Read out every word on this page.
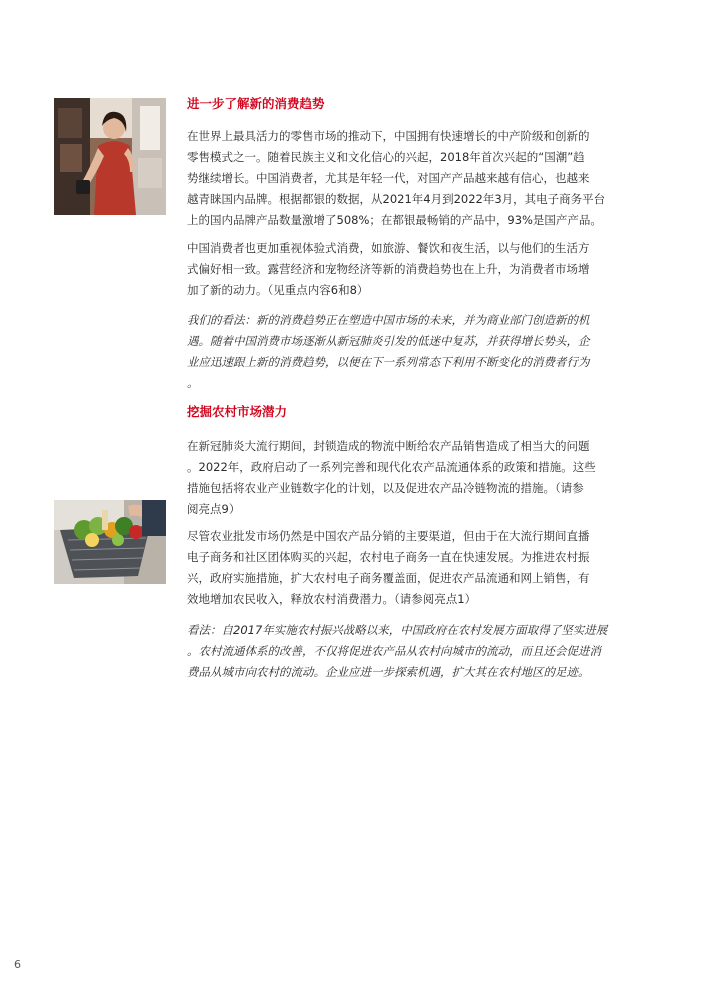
进一步了解新的消费趋势

在世界上最具活力的零售市场的推动下，中国拥有快速增长的中产阶级和创新的
零售模式之一。随着民族主义和文化信心的兴起，2018年首次兴起的“国潮”趋
势继续增长。中国消费者，尤其是年轻一代，对国产产品越来越有信心，也越来
越青睐国内品牌。根据都银的数据，从2021年4月到2022年3月，其电子商务平台
上的国内品牌产品数量激增了508%；在都银最畅销的产品中，93%是国产产品。

中国消费者也更加重视体验式消费，如旅游、餐饮和夜生活，以与他们的生活方
式偏好相一致。露营经济和宠物经济等新的消费趋势也在上升，为消费者市场增
加了新的动力。（见重点内容6和8）

我们的看法：新的消费趋势正在塑造中国市场的未来，并为商业部门创造新的机
遇。随着中国消费市场逐渐从新冠肺炎引发的低迷中复苏，并获得增长势头，企
业应迅速跟上新的消费趋势，以便在下一系列常态下利用不断变化的消费者行为
。

挖掘农村市场潜力

在新冠肺炎大流行期间，封锁造成的物流中断给农产品销售造成了相当大的问题
。2022年，政府启动了一系列完善和现代化农产品流通体系的政策和措施。这些
措施包括将农业产业链数字化的计划，以及促进农产品冷链物流的措施。（请参
阅亮点9）

尽管农业批发市场仍然是中国农产品分销的主要渠道，但由于在大流行期间直播
电子商务和社区团体购买的兴起，农村电子商务一直在快速发展。为推进农村振
兴，政府实施措施，扩大农村电子商务覆盖面，促进农产品流通和网上销售，有
效地增加农民收入，释放农村消费潜力。（请参阅亮点1）

看法：自2017年实施农村振兴战略以来，中国政府在农村发展方面取得了坚实进展
。农村流通体系的改善，不仅将促进农产品从农村向城市的流动，而且还会促进消
费品从城市向农村的流动。企业应进一步探索机遇，扩大其在农村地区的足迹。

6
